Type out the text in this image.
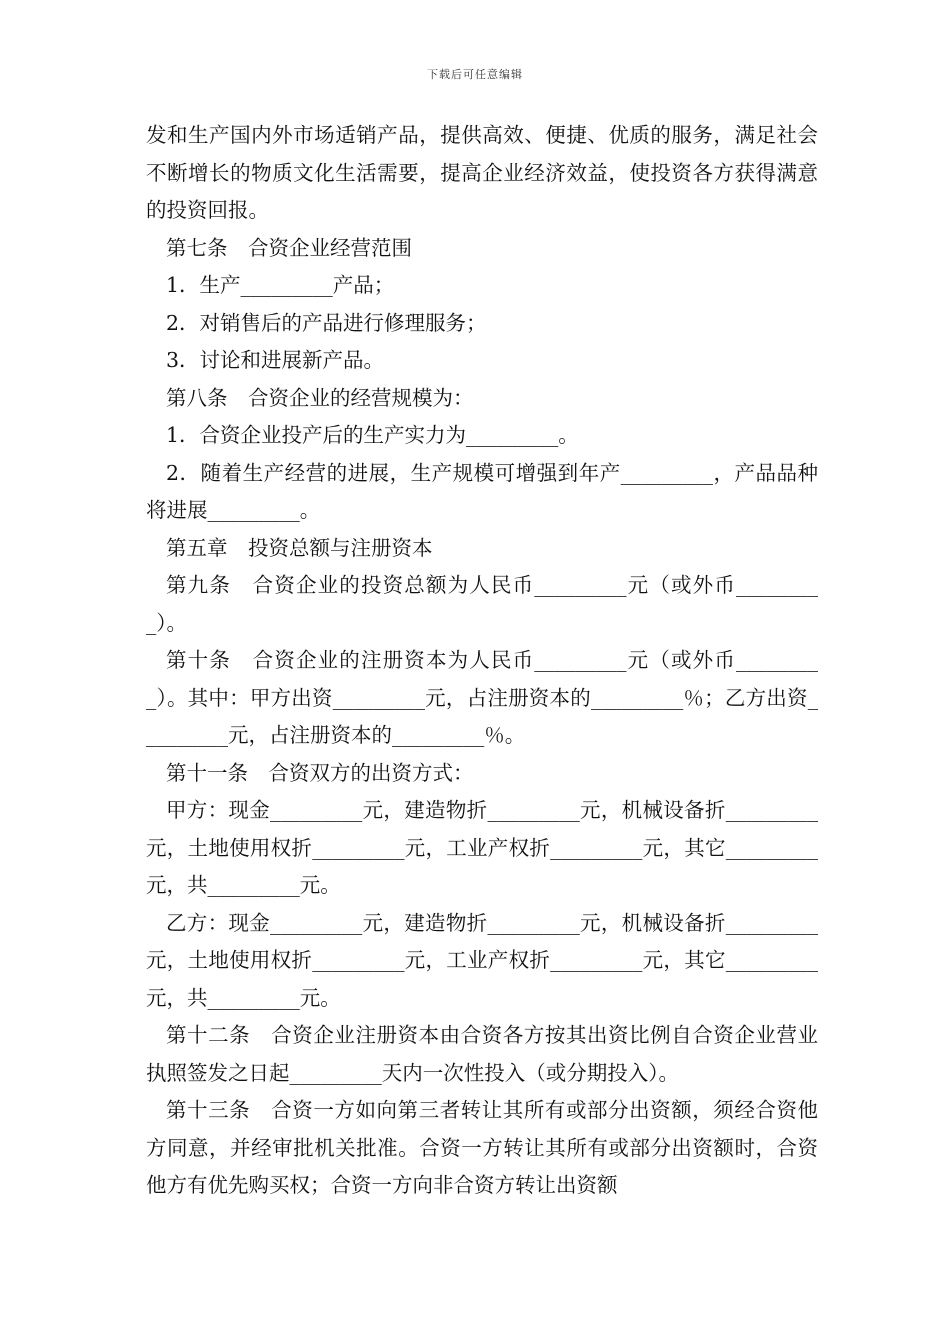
下载后可任意编辑

发和生产国内外市场适销产品，提供高效、便捷、优质的服务，满足社会不断增长的物质文化生活需要，提高企业经济效益，使投资各方获得满意的投资回报。

第七条　合资企业经营范围

1．生产_________产品；

2．对销售后的产品进行修理服务；

3．讨论和进展新产品。

第八条　合资企业的经营规模为：

1．合资企业投产后的生产实力为_________。

2．随着生产经营的进展，生产规模可增强到年产_________，产品品种将进展_________。

第五章　投资总额与注册资本

第九条　合资企业的投资总额为人民币_________元（或外币_________）。

第十条　合资企业的注册资本为人民币_________元（或外币_________）。其中：甲方出资_________元，占注册资本的_________％；乙方出资_________元，占注册资本的_________％。

第十一条　合资双方的出资方式：

甲方：现金_________元，建造物折_________元，机械设备折_________元，土地使用权折_________元，工业产权折_________元，其它_________元，共_________元。

乙方：现金_________元，建造物折_________元，机械设备折_________元，土地使用权折_________元，工业产权折_________元，其它_________元，共_________元。

第十二条　合资企业注册资本由合资各方按其出资比例自合资企业营业执照签发之日起_________天内一次性投入（或分期投入）。

第十三条　合资一方如向第三者转让其所有或部分出资额，须经合资他方同意，并经审批机关批准。合资一方转让其所有或部分出资额时，合资他方有优先购买权；合资一方向非合资方转让出资额
